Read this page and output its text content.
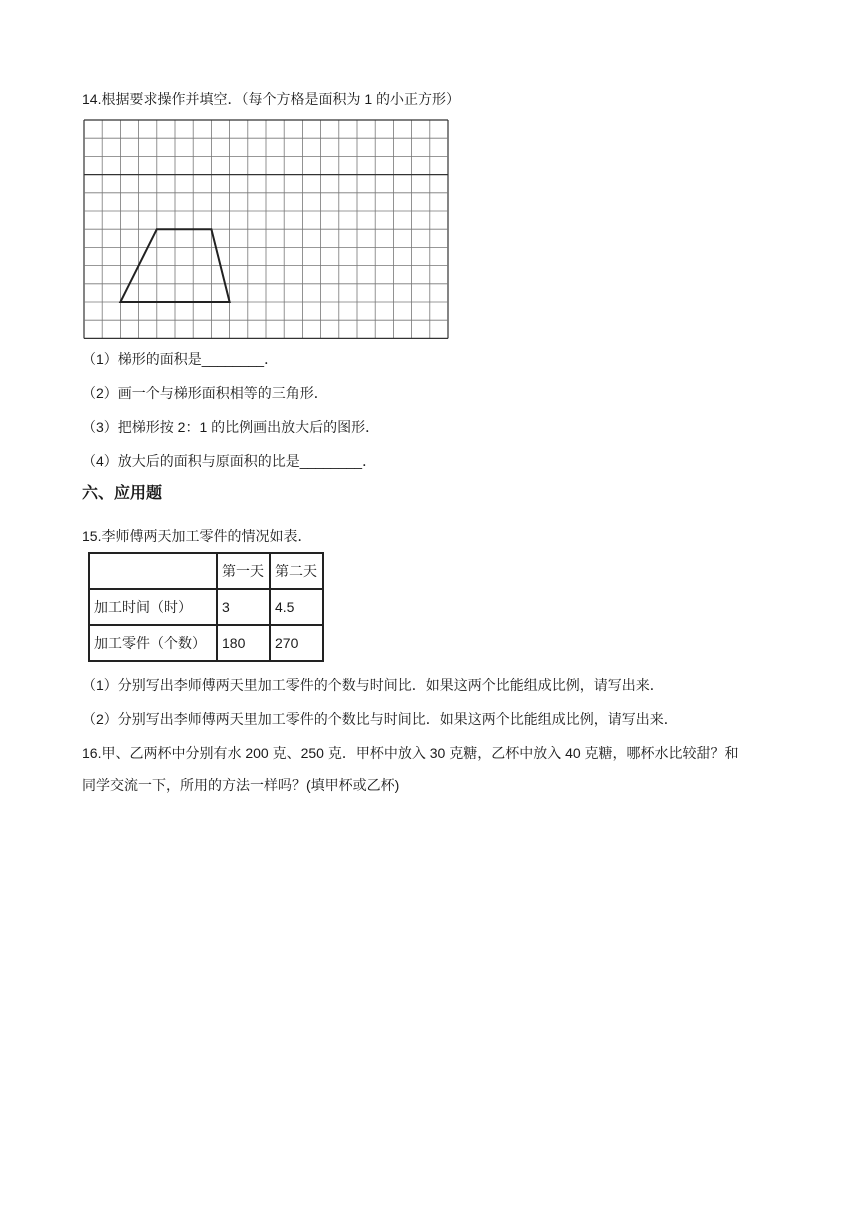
14.根据要求操作并填空．（每个方格是面积为 1 的小正方形）
（1）梯形的面积是________．
（2）画一个与梯形面积相等的三角形．
（3）把梯形按 2：1 的比例画出放大后的图形．
（4）放大后的面积与原面积的比是________．
六、应用题
15.李师傅两天加工零件的情况如表．
	第一天	第二天
加工时间（时）	3	4.5
加工零件（个数）	180	270
（1）分别写出李师傅两天里加工零件的个数与时间比．如果这两个比能组成比例，请写出来．
（2）分别写出李师傅两天里加工零件的个数比与时间比．如果这两个比能组成比例，请写出来．
16.甲、乙两杯中分别有水 200 克、250 克．甲杯中放入 30 克糖，乙杯中放入 40 克糖，哪杯水比较甜？和
同学交流一下，所用的方法一样吗？(填甲杯或乙杯)
